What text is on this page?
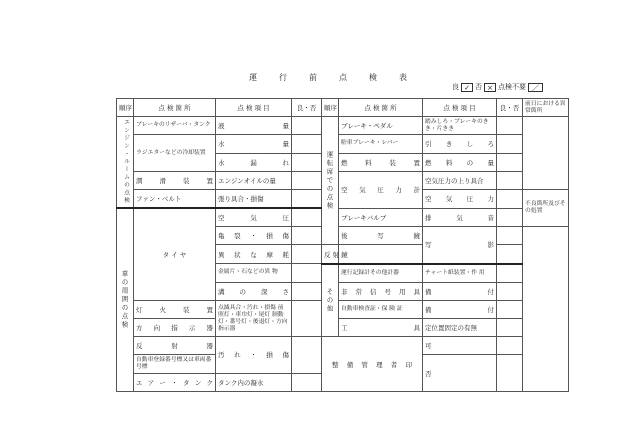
運	行	前	点	検	表
良 ✓ 否 × 点検不要 ／
順序	点 検 箇 所	点 検 項 目	良・否	順序	点 検 箇 所	点 検 項 目	良・否	前日における異常箇所
エンジン・ルームの点検	ブレーキのリザーバ・タンク	液 量		運転席での点検	ブレーキ・ペダル	踏みしろ・ブレーキのきき・片きき		
	ラジエターなどの冷却装置	水 量			駐車ブレーキ・レバー	引 き し ろ		
		水 漏 れ			燃 料 装 置	燃 料 の 量		
	潤 滑 装 置	エンジンオイルの量			空 気 圧 力 計	空気圧力の上り具合		
	ファン・ベルト	張り具合・損傷				空 気 圧 力		不良箇所及びその処置
車の周囲の点検	タ イ ヤ	空 気 圧			ブレーキバルブ	排 気 音		
		亀 裂 ・ 損 傷			後 写 鏡	写 影		
		異 状 な 摩 耗		反 射 鏡				
		金属片・石などの異 物		その他	運行記録計その他計器	チャート紙装置・作 用		
		溝 の 深 さ			非 常 信 号 用 具	備 付		
	灯 火 装 置	点滅具合・汚れ・損傷 前照灯・車巾灯・尾灯 制動灯・番号灯・後退灯・方向指示器			自動車検査証・保 険 証	備 付		
	方 向 指 示 器				工 具	定位置固定の有無		
	反 射 器	汚 れ ・ 損 傷		整 備 管 理 者 印		可		
	自動車登録番号標又は車両番号標					否		
	エアー・タンク	タンク内の凝水						
